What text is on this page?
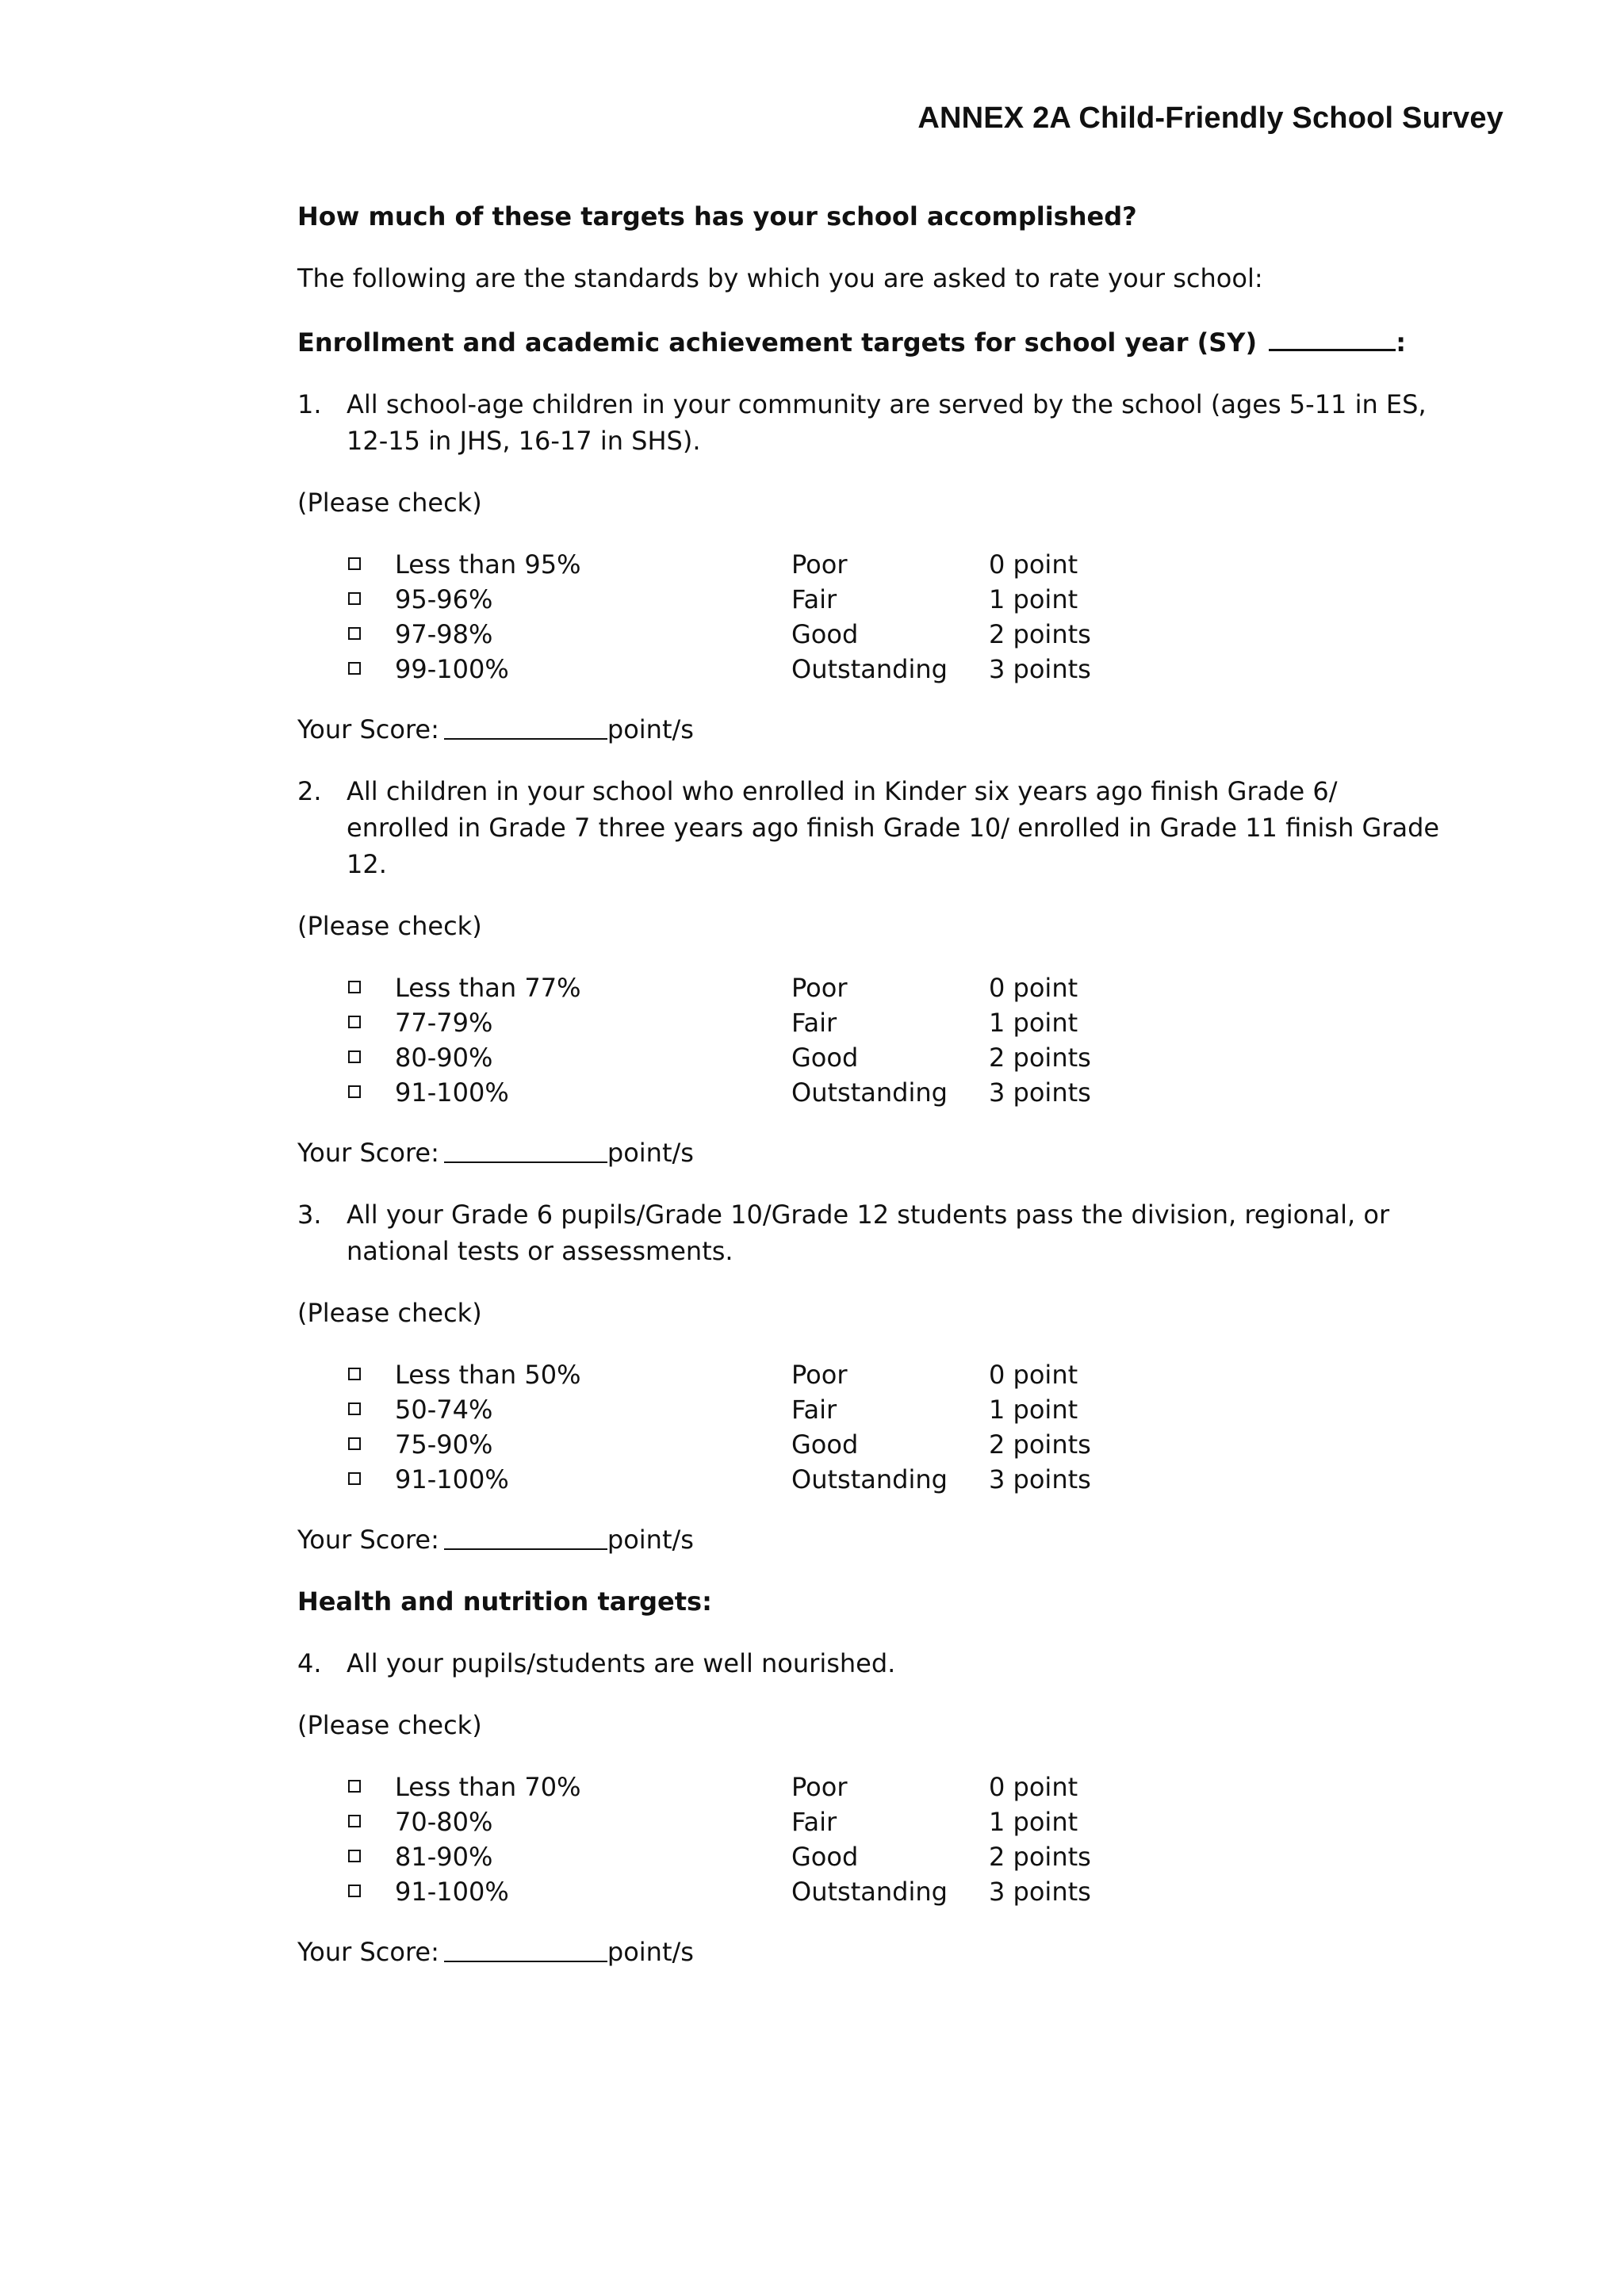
ANNEX 2A Child-Friendly School Survey

How much of these targets has your school accomplished?

The following are the standards by which you are asked to rate your school:

Enrollment and academic achievement targets for school year (SY)	:

1. All school-age children in your community are served by the school (ages 5-11 in ES, 12-15 in JHS, 16-17 in SHS).

(Please check)

Less than 95%	Poor	0 point
95-96%	Fair	1 point
97-98%	Good	2 points
99-100%	Outstanding 3 points
Your Score:	point/s
2. All children in your school who enrolled in Kinder six years ago finish Grade 6/ enrolled in Grade 7 three years ago finish Grade 10/ enrolled in Grade 11 finish Grade 12.

(Please check)

Less than 77%	Poor	0 point
77-79%	Fair	1 point
80-90%	Good	2 points
91-100%	Outstanding 3 points
Your Score:	point/s
3. All your Grade 6 pupils/Grade 10/Grade 12 students pass the division, regional, or national tests or assessments.

(Please check)

Less than 50%	Poor	0 point
50-74%	Fair	1 point
75-90%	Good	2 points
91-100%	Outstanding 3 points
Your Score:	point/s

Health and nutrition targets:

4. All your pupils/students are well nourished.

(Please check)

Less than 70%	Poor	0 point
70-80%	Fair	1 point
81-90%	Good	2 points
91-100%	Outstanding 3 points
Your Score:	point/s
